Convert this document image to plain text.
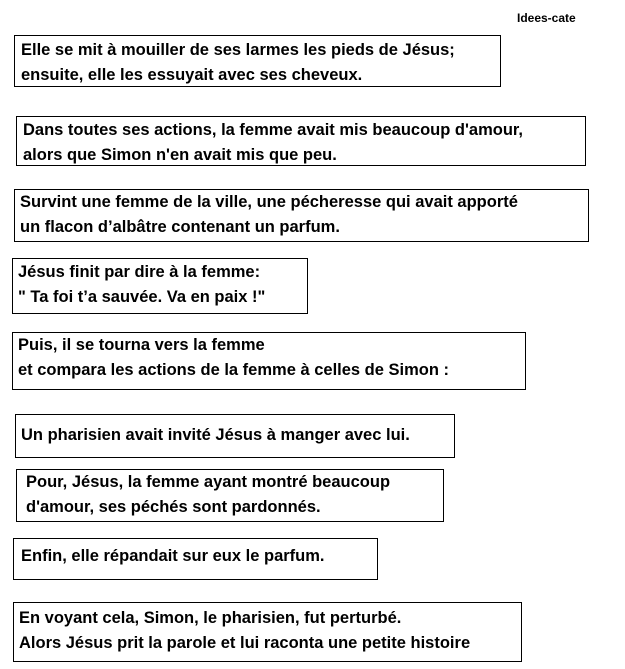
Idees-cate
Elle se mit à mouiller de ses larmes les pieds de Jésus;
ensuite, elle les essuyait avec ses cheveux.
Dans toutes ses actions, la femme avait mis beaucoup d'amour,
alors que Simon n'en avait mis que peu.
Survint une femme de la ville, une pécheresse qui avait apporté
un flacon d’albâtre contenant un parfum.
Jésus finit par dire à la femme:
" Ta foi t’a sauvée. Va en paix !"
Puis, il se tourna vers la femme
et compara les actions de la femme à celles de Simon :
Un pharisien avait invité Jésus à manger avec lui.
Pour, Jésus, la femme ayant montré beaucoup
d'amour, ses péchés sont pardonnés.
Enfin, elle répandait sur eux le parfum.
En voyant cela, Simon, le pharisien, fut perturbé.
Alors Jésus prit la parole et lui raconta une petite histoire
